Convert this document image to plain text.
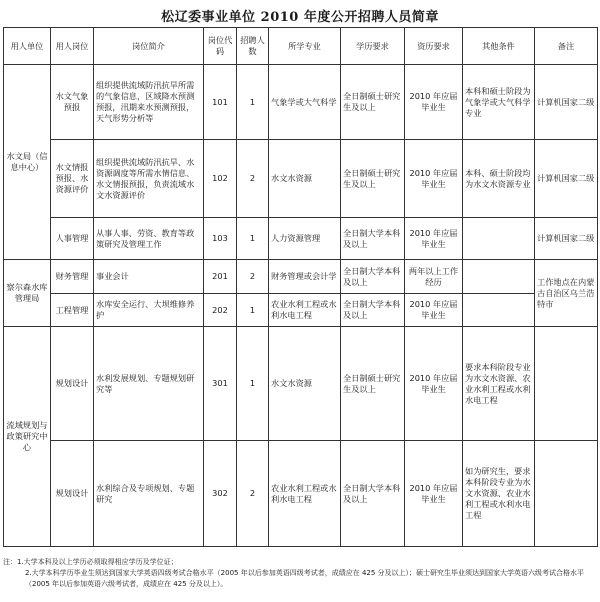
松辽委事业单位 2010 年度公开招聘人员简章
用人单位	用人岗位	岗位简介	岗位代码	招聘人数	所学专业	学历要求	资历要求	其他条件	备注
水文局（信息中心）	水文气象预报	组织提供流域防汛抗旱所需的气象信息，区域降水预测预报，汛期来水预测预报，天气形势分析等	101	1	气象学或大气科学	全日制硕士研究生及以上	2010 年应届毕业生	本科和硕士阶段为气象学或大气科学专业	计算机国家二级
	水文情报预报、水资源评价	组织提供流域防汛抗旱、水资源调度等所需水情信息、水文情报预报，负责流域水文水资源评价	102	2	水文水资源	全日制硕士研究生及以上	2010 年应届毕业生	本科、硕士阶段均为水文水资源专业	计算机国家二级
	人事管理	从事人事、劳资、教育等政策研究及管理工作	103	1	人力资源管理	全日制大学本科及以上	2010 年应届毕业生		计算机国家二级
察尔森水库管理局	财务管理	事业会计	201	2	财务管理或会计学	全日制大学本科及以上	两年以上工作经历		工作地点在内蒙古自治区乌兰浩特市
	工程管理	水库安全运行、大坝维修养护	202	1	农业水利工程或水利水电工程	全日制大学本科及以上	2010 年应届毕业生		
流域规划与政策研究中心	规划设计	水利发展规划、专题规划研究等	301	1	水文水资源	全日制硕士研究生及以上	2010 年应届毕业生	要求本科阶段专业为水文水资源、农业水利工程或水利水电工程	
	规划设计	水利综合及专项规划、专题研究	302	2	农业水利工程或水利水电工程	全日制大学本科及以上	2010 年应届毕业生	如为研究生，要求本科阶段专业为水文水资源、农业水利工程或水利水电工程	

注：1.大学本科及以上学历必须取得相应学历及学位证；

2.大学本科学历毕业生须达到国家大学英语四级考试合格水平（2005 年以后参加英语四级考试者，成绩应在 425 分及以上）；硕士研究生毕业须达到国家大学英语六级考试合格水平（2005 年以后参加英语六级考试者，成绩应在 425 分及以上）。
